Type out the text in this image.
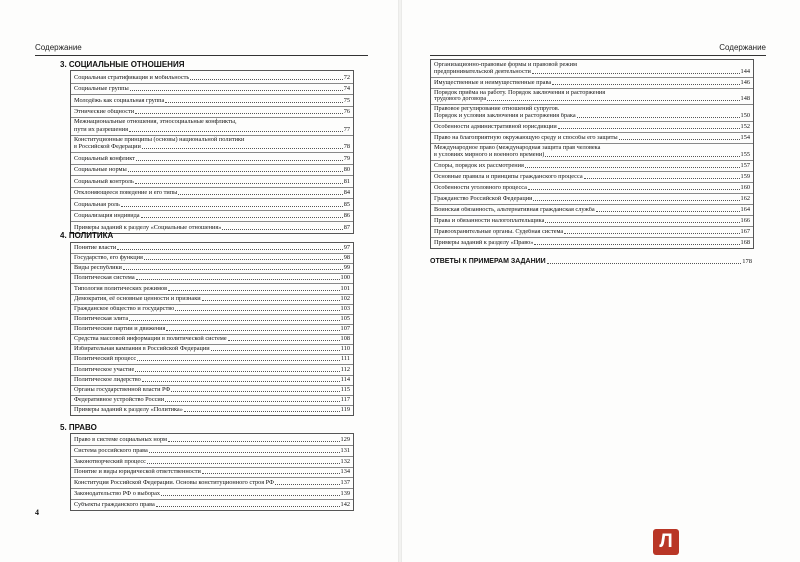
Содержание
3. СОЦИАЛЬНЫЕ ОТНОШЕНИЯ
Социальная стратификация и мобильность	72
Социальные группы	74
Молодёжь как социальная группа	75
Этнические общности	76
Межнациональные отношения, этносоциальные конфликты,
пути их разрешения	77
Конституционные принципы (основы) национальной политики
в Российской Федерации	78
Социальный конфликт	79
Социальные нормы	80
Социальный контроль	81
Отклоняющееся поведение и его типы	84
Социальная роль	85
Социализация индивида	86
Примеры заданий к разделу «Социальные отношения»	87
4. ПОЛИТИКА
Понятие власти	97
Государство, его функция	98
Виды республики	99
Политическая система	100
Типология политических режимов	101
Демократия, её основные ценности и признаки	102
Гражданское общество и государство	103
Политическая элита	105
Политические партии и движения	107
Средства массовой информации в политической системе	108
Избирательная кампания в Российской Федерации	110
Политический процесс	111
Политическое участие	112
Политическое лидерство	114
Органы государственной власти РФ	115
Федеративное устройство России	117
Примеры заданий к разделу «Политика»	119
5. ПРАВО
Право в системе социальных норм	129
Система российского права	131
Законотворческий процесс	132
Понятие и виды юридической ответственности	134
Конституция Российской Федерации. Основы конституционного строя РФ	137
Законодательство РФ о выборах	139
Субъекты гражданского права	142
4
Содержание
Организационно-правовые формы и правовой режим
предпринимательской деятельности	144
Имущественные и неимущественные права	146
Порядок приёма на работу. Порядок заключения и расторжения
трудового договора	148
Правовое регулирование отношений супругов.
Порядок и условия заключения и расторжения брака	150
Особенности административной юрисдикции	152
Право на благоприятную окружающую среду и способы его защиты	154
Международное право (международная защита прав человека
в условиях мирного и военного времени)	155
Споры, порядок их рассмотрения	157
Основные правила и принципы гражданского процесса	159
Особенности уголовного процесса	160
Гражданство Российской Федерации	162
Воинская обязанность, альтернативная гражданская служба	164
Права и обязанности налогоплательщика	166
Правоохранительные органы. Судебная система	167
Примеры заданий к разделу «Право»	168
ОТВЕТЫ К ПРИМЕРАМ ЗАДАНИЙ	178
Л
